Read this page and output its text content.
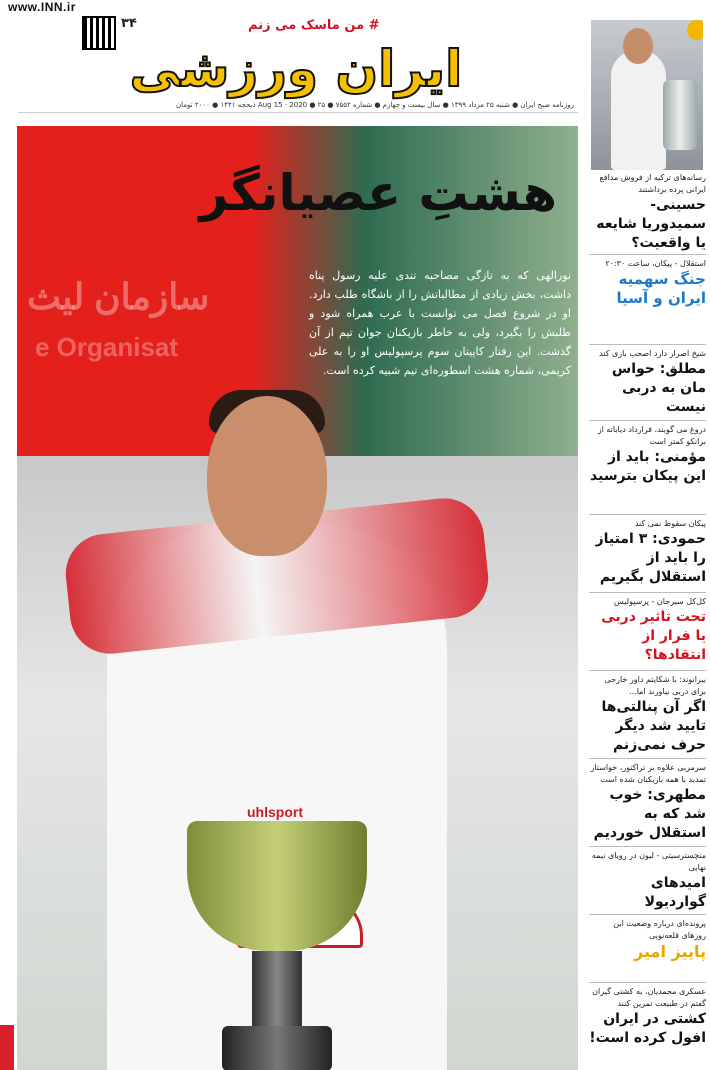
www.INN.ir
۳۴	# من ماسک می زنم
ایران ورزشی
روزنامه صبح ایران ● شنبه ۲۵ مرداد ۱۳۹۹ ● سال بیست و چهارم ● شماره ۷۵۵۲ ● Aug 15 · 2020 ● ۲۵ ذیحجه ۱۴۴۱ ● ۲۰۰۰ تومان
سازمان لیث
e Organisat
uhlsport
هشتِ عصیانگر
نورالهی که به تازگی مصاحبه تندی علیه رسول پناه داشت، بخش زیادی از مطالباتش را از باشگاه طلب دارد. او در شروع فصل می توانست با عرب همراه شود و طلبش را بگیرد، ولی به خاطر بازیکنان جوان تیم از آن گذشت. این رفتار کاپیتان سوم پرسپولیس او را به علی کریمی، شماره هشت اسطوره‌ای تیم شبیه کرده است.
رسانه‌های ترکیه از فروش مدافع ایرانی پرده برداشتند
حسینی-سمیدوریا شایعه یا واقعیت؟
استقلال - پیکان، ساعت ۲۰:۳۰
جنگ سهمیه ایران و آسیا
شیخ اصرار دارد اصحب بازی کند
مطلق: حواس مان به دربی نیست
دروغ می گویند، قرارداد دیاباته از برانکو کمتر است
مؤمنی: باید از این پیکان بترسید
پیکان سقوط نمی کند
حمودی: ۳ امتیاز را باید از استقلال بگیریم
کل‌کل سیرجان - پرسپولیس
تحت تاثیر دربی یا فرار از انتقادها؟
بیرانوند: با شکایتم داور خارجی برای دربی بیاورند اما...
اگر آن پنالتی‌ها تایید شد دیگر حرف نمی‌زنم
سرمربی علاوه بر تراکتور، خواستار تمدید با همه بازیکنان شده است
مطهری: خوب شد که به استقلال خوردیم
منچسترسیتی - لیون در رویای نیمه نهایی
امیدهای گواردیولا
پرونده‌ای درباره وضعیت این روزهای قلعه‌نویی
پاییز امیر
عسکری محمدیان، به کشتی گیران گفتم در طبیعت تمرین کنند
کشتی در ایران افول کرده است!
